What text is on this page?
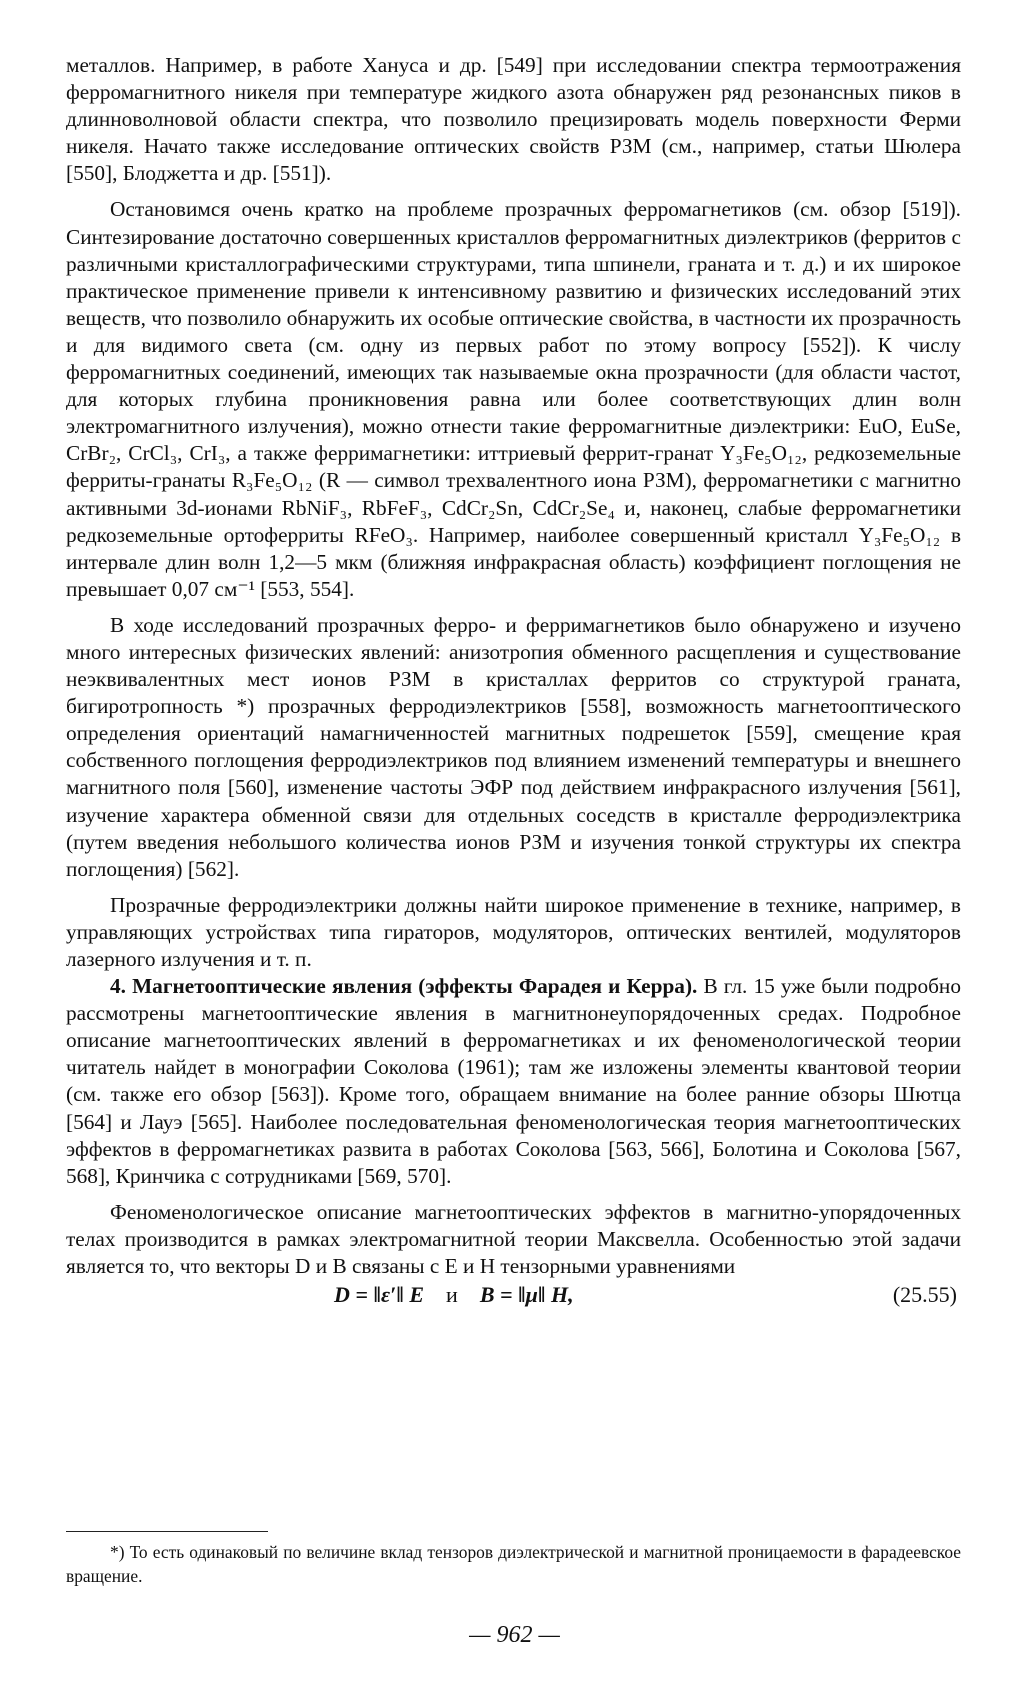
металлов. Например, в работе Хануса и др. [549] при исследовании спектра термоотражения ферромагнитного никеля при температуре жидкого азота обнаружен ряд резонансных пиков в длинноволновой области спектра, что позволило прецизировать модель поверхности Ферми никеля. Начато также исследование оптических свойств РЗМ (см., например, статьи Шюлера [550], Блоджетта и др. [551]).

Остановимся очень кратко на проблеме прозрачных ферромагнетиков (см. обзор [519]). Синтезирование достаточно совершенных кристаллов ферромагнитных диэлектриков (ферритов с различными кристаллографическими структурами, типа шпинели, граната и т. д.) и их широкое практическое применение привели к интенсивному развитию и физических исследований этих веществ, что позволило обнаружить их особые оптические свойства, в частности их прозрачность и для видимого света (см. одну из первых работ по этому вопросу [552]). К числу ферромагнитных соединений, имеющих так называемые окна прозрачности (для области частот, для которых глубина проникновения равна или более соответствующих длин волн электромагнитного излучения), можно отнести такие ферромагнитные диэлектрики: EuO, EuSe, CrBr₂, CrCl₃, CrI₃, а также ферримагнетики: иттриевый феррит-гранат Y₃Fe₅O₁₂, редкоземельные ферриты-гранаты R₃Fe₅O₁₂ (R — символ трехвалентного иона РЗМ), ферромагнетики с магнитно активными 3d-ионами RbNiF₃, RbFeF₃, CdCr₂Sn, CdCr₂Se₄ и, наконец, слабые ферромагнетики редкоземельные ортоферриты RFeO₃. Например, наиболее совершенный кристалл Y₃Fe₅O₁₂ в интервале длин волн 1,2—5 мкм (ближняя инфракрасная область) коэффициент поглощения не превышает 0,07 см⁻¹ [553, 554].

В ходе исследований прозрачных ферро- и ферримагнетиков было обнаружено и изучено много интересных физических явлений: анизотропия обменного расщепления и существование неэквивалентных мест ионов РЗМ в кристаллах ферритов со структурой граната, бигиротропность *) прозрачных ферродиэлектриков [558], возможность магнетооптического определения ориентаций намагниченностей магнитных подрешеток [559], смещение края собственного поглощения ферродиэлектриков под влиянием изменений температуры и внешнего магнитного поля [560], изменение частоты ЭФР под действием инфракрасного излучения [561], изучение характера обменной связи для отдельных соседств в кристалле ферродиэлектрика (путем введения небольшого количества ионов РЗМ и изучения тонкой структуры их спектра поглощения) [562].

Прозрачные ферродиэлектрики должны найти широкое применение в технике, например, в управляющих устройствах типа гираторов, модуляторов, оптических вентилей, модуляторов лазерного излучения и т. п.

4. Магнетооптические явления (эффекты Фарадея и Керра). В гл. 15 уже были подробно рассмотрены магнетооптические явления в магнитнонеупорядоченных средах. Подробное описание магнетооптических явлений в ферромагнетиках и их феноменологической теории читатель найдет в монографии Соколова (1961); там же изложены элементы квантовой теории (см. также его обзор [563]). Кроме того, обращаем внимание на более ранние обзоры Шютца [564] и Лауэ [565]. Наиболее последовательная феноменологическая теория магнетооптических эффектов в ферромагнетиках развита в работах Соколова [563, 566], Болотина и Соколова [567, 568], Кринчика с сотрудниками [569, 570].

Феноменологическое описание магнетооптических эффектов в магнитно-упорядоченных телах производится в рамках электромагнитной теории Максвелла. Особенностью этой задачи является то, что векторы D и B связаны с E и H тензорными уравнениями

D = ‖ε′‖ E и B = ‖μ‖ H,	(25.55)
*) То есть одинаковый по величине вклад тензоров диэлектрической и магнитной проницаемости в фарадеевское вращение.
— 962 —
